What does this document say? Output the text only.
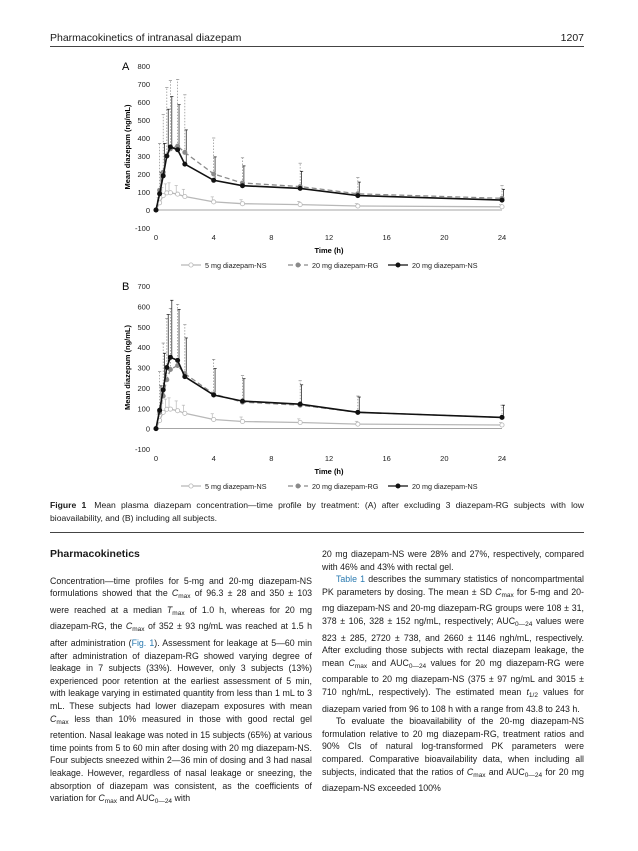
Pharmacokinetics of intranasal diazepam	1207
A
-100
0
100
200
300
400
500
600
700
800
0	4	8	12	16	20	24
Time (h)
Mean diazepam (ng/mL)
5 mg diazepam-NS	20 mg diazepam-RG	20 mg diazepam-NS
B
-100
0
100
200
300
400
500
600
700
0	4	8	12	16	20	24
Time (h)
Mean diazepam (ng/mL)
5 mg diazepam-NS	20 mg diazepam-RG	20 mg diazepam-NS
Figure 1 Mean plasma diazepam concentration—time profile by treatment: (A) after excluding 3 diazepam-RG subjects with low bioavailability, and (B) including all subjects.
Pharmacokinetics

Concentration—time profiles for 5-mg and 20-mg diazepam-NS formulations showed that the $C_{max}$ of 96.3 ± 28 and 350 ± 103 were reached at a median $T_{max}$ of 1.0 h, whereas for 20 mg diazepam-RG, the $C_{max}$ of 352 ± 93 ng/mL was reached at 1.5 h after administration (Fig. 1). Assessment for leakage at 5—60 min after administration of diazepam-RG showed varying degree of leakage in 7 subjects (33%). However, only 3 subjects (13%) experienced poor retention at the earliest assessment of 5 min, with leakage varying in estimated quantity from less than 1 mL to 3 mL. These subjects had lower diazepam exposures with mean $C_{max}$ less than 10% measured in those with good rectal gel retention. Nasal leakage was noted in 15 subjects (65%) at various time points from 5 to 60 min after dosing with 20 mg diazepam-NS. Four subjects sneezed within 2—36 min of dosing and 3 had nasal leakage. However, regardless of nasal leakage or sneezing, the absorption of diazepam was consistent, as the coefficients of variation for $C_{max}$ and $AUC_{0—24}$ with

20 mg diazepam-NS were 28% and 27%, respectively, compared with 46% and 43% with rectal gel.

Table 1 describes the summary statistics of noncompartmental PK parameters by dosing. The mean ± SD $C_{max}$ for 5-mg and 20-mg diazepam-NS and 20-mg diazepam-RG groups were 108 ± 31, 378 ± 106, 328 ± 152 ng/mL, respectively; $AUC_{0—24}$ values were 823 ± 285, 2720 ± 738, and 2660 ± 1146 ngh/mL, respectively. After excluding those subjects with rectal diazepam leakage, the mean $C_{max}$ and $AUC_{0—24}$ values for 20 mg diazepam-RG were comparable to 20 mg diazepam-NS (375 ± 97 ng/mL and 3015 ± 710 ngh/mL, respectively). The estimated mean $t_{1/2}$ values for diazepam varied from 96 to 108 h with a range from 43.8 to 243 h.

To evaluate the bioavailability of the 20-mg diazepam-NS formulation relative to 20 mg diazepam-RG, treatment ratios and 90% CIs of natural log-transformed PK parameters were compared. Comparative bioavailability data, when including all subjects, indicated that the ratios of $C_{max}$ and $AUC_{0—24}$ for 20 mg diazepam-NS exceeded 100%
